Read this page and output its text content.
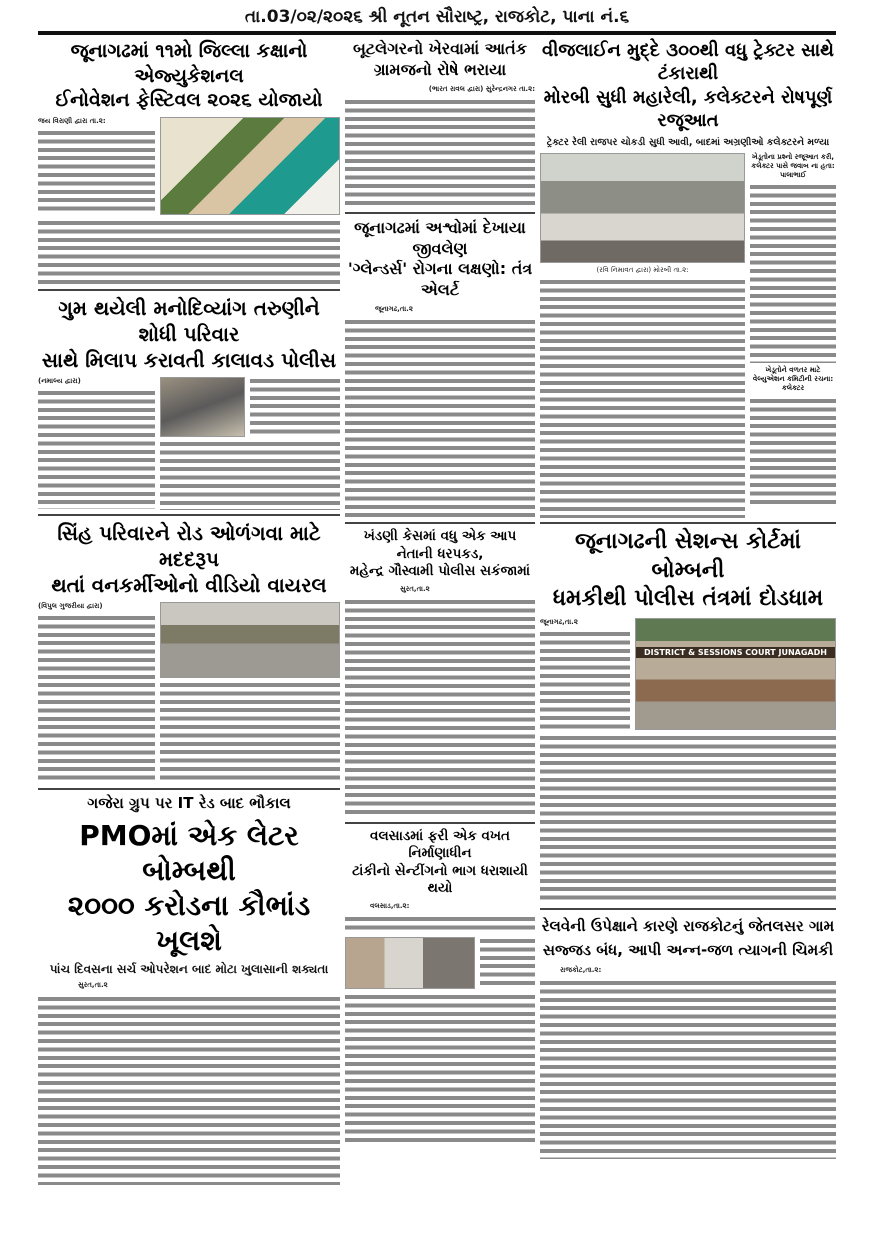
તા.03/૦૨/૨૦૨૬ શ્રી નૂતન સૌરાષ્ટ્ર, રાજકોટ, પાના નં.૬
જૂનાગઢમાં ૧૧મો જિલ્લા કક્ષાનો એજ્યુકેશનલ
ઈનોવેશન ફેસ્ટિવલ ૨૦૨૬ યોજાયો
જય વિરાણી દ્વારા તા.૨:
ગુમ થયેલી મનોદિવ્યાંગ તરુણીને શોધી પરિવાર
સાથે મિલાપ કરાવતી કાલાવડ પોલીસ
(નમાલ્ય દ્વારા)
સિંહ પરિવારને રોડ ઓળંગવા માટે મદદરૂપ
થતાં વનકર્મીઓનો વીડિયો વાયરલ
(વિપુલ ગુજરીયા દ્વારા)
ગજેરા ગ્રુપ પર IT રેડ બાદ ભૌકાલ
PMOમાં એક લેટર બોમ્બથી
૨૦૦૦ કરોડના કૌભાંડ ખૂલશે
પાંચ દિવસના સર્ચ ઓપરેશન બાદ મોટા ખુલાસાની શક્યતા
સુરત,તા.૨
બૂટલેગરનો ખેરવામાં આતંક
ગ્રામજનો રોષે ભરાયા
(ભારત રાવલ દ્વારા) સુરેન્દ્રનગર તા.૨:
જૂનાગઢમાં અશ્વોમાં દેખાયા જીવલેણ
'ગ્લેન્ડર્સ' રોગના લક્ષણો: તંત્ર એલર્ટ
જૂનાગઢ,તા.૨
ખંડણી કેસમાં વધુ એક આપ નેતાની ધરપકડ,
મહેન્દ્ર ગૌસ્વામી પોલીસ સકંજામાં
સુરત,તા.૨
વલસાડમાં ફરી એક વખત નિર્માણાધીન
ટાંકીનો સેન્ટીંગનો ભાગ ધરાશાયી થયો
વલસાડ,તા.૨:
વીજલાઈન મુદ્દે ૩૦૦થી વધુ ટ્રેક્ટર સાથે ટંકારાથી
મોરબી સુધી મહારેલી, કલેક્ટરને રોષપૂર્ણ રજૂઆત
ટ્રેક્ટર રેલી રાજપર ચોકડી સુધી આવી, બાદમાં અગ્રણીઓ કલેક્ટરને મળ્યા
(રવિ નિમાવત દ્વારા) મોરબી તા.૨:
ખેડૂતોના પ્રશ્નો રજૂઆત કરી, કલેક્ટર પાસે જવાબ ના હતા: પાલાભાઈ
ખેડૂતોને વળતર માટે વેલ્યુએશન કમિટીની રચના: કલેક્ટર
જૂનાગઢની સેશન્સ કોર્ટમાં બોમ્બની
ધમકીથી પોલીસ તંત્રમાં દોડધામ
જૂનાગઢ,તા.૨
DISTRICT & SESSIONS COURT JUNAGADH
રેલવેની ઉપેક્ષાને કારણે રાજકોટનું જેતલસર ગામ
સજ્જડ બંધ, આપી અન્ન-જળ ત્યાગની ચિમકી
રાજકોટ,તા.૨:
